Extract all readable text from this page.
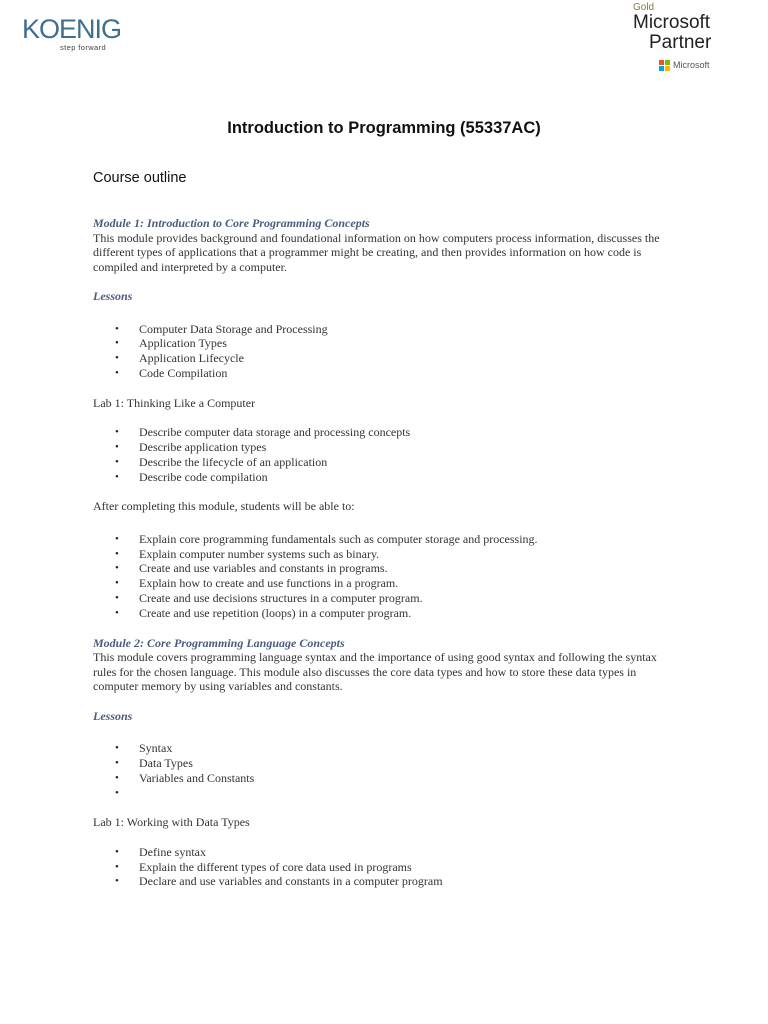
KOENIG
step forward
Gold
Microsoft
Partner
Microsoft
Introduction to Programming (55337AC)
Course outline

Module 1: Introduction to Core Programming Concepts

This module provides background and foundational information on how computers process information, discusses the different types of applications that a programmer might be creating, and then provides information on how code is compiled and interpreted by a computer.

Lessons

• Computer Data Storage and Processing
• Application Types
• Application Lifecycle
• Code Compilation

Lab 1: Thinking Like a Computer

• Describe computer data storage and processing concepts
• Describe application types
• Describe the lifecycle of an application
• Describe code compilation

After completing this module, students will be able to:

• Explain core programming fundamentals such as computer storage and processing.
• Explain computer number systems such as binary.
• Create and use variables and constants in programs.
• Explain how to create and use functions in a program.
• Create and use decisions structures in a computer program.
• Create and use repetition (loops) in a computer program.

Module 2: Core Programming Language Concepts

This module covers programming language syntax and the importance of using good syntax and following the syntax rules for the chosen language. This module also discusses the core data types and how to store these data types in computer memory by using variables and constants.

Lessons

• Syntax
• Data Types
• Variables and Constants
•

Lab 1: Working with Data Types

• Define syntax
• Explain the different types of core data used in programs
• Declare and use variables and constants in a computer program
